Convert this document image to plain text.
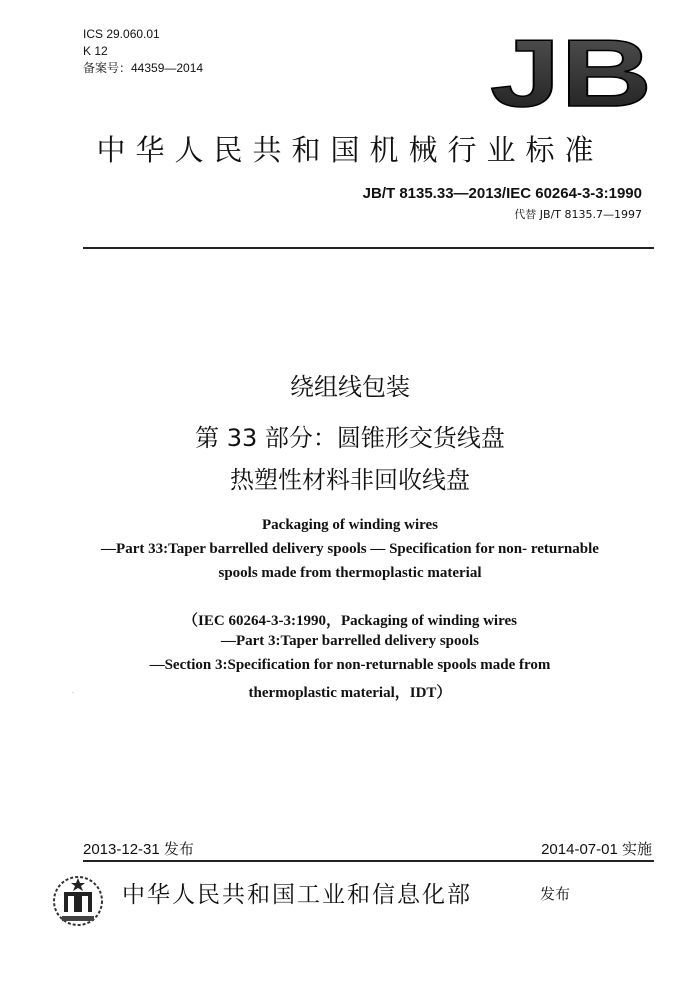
ICS 29.060.01
K 12
备案号：44359—2014	JB
中华人民共和国机械行业标准
JB/T 8135.33—2013/IEC 60264-3-3:1990
代替 JB/T 8135.7—1997
绕组线包装
第 33 部分：圆锥形交货线盘
热塑性材料非回收线盘
Packaging of winding wires
—Part 33:Taper barrelled delivery spools — Specification for non- returnable
spools made from thermoplastic material
（IEC 60264-3-3:1990，Packaging of winding wires
—Part 3:Taper barrelled delivery spools
—Section 3:Specification for non-returnable spools made from
thermoplastic material，IDT）
·
2013-12-31 发布	2014-07-01 实施
中华人民共和国工业和信息化部	发布
